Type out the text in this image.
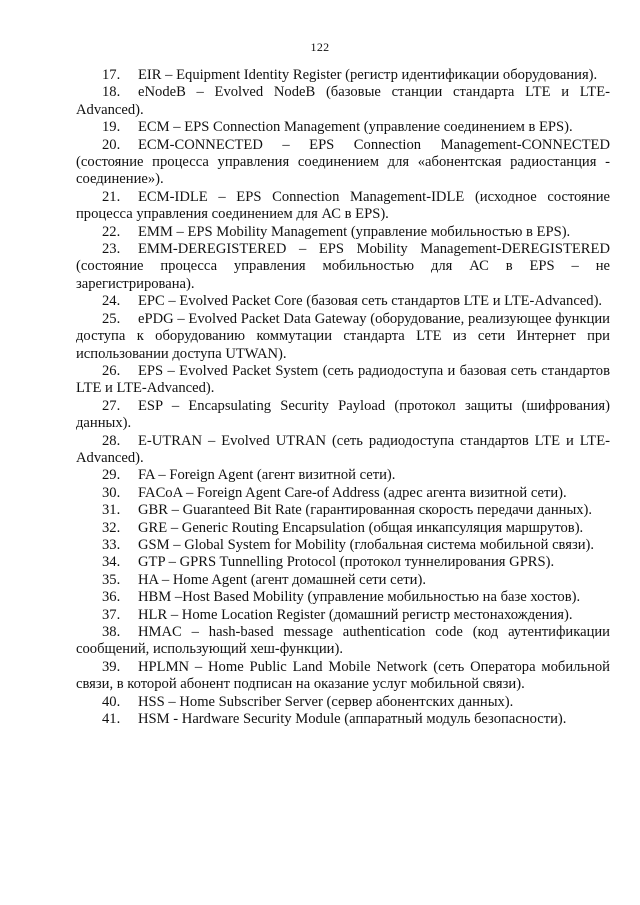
122

17. EIR – Equipment Identity Register (регистр идентификации оборудования).

18. eNodeB – Evolved NodeB (базовые станции стандарта LTE и LTE-Advanced).

19. ECM – EPS Connection Management (управление соединением в EPS).

20. ECM-CONNECTED – EPS Connection Management-CONNECTED (состояние процесса управления соединением для «абонентская радиостанция - соединение»).

21. ECM-IDLE – EPS Connection Management-IDLE (исходное состояние процесса управления соединением для АС в EPS).

22. EMM – EPS Mobility Management (управление мобильностью в EPS).

23. EMM-DEREGISTERED – EPS Mobility Management-DEREGISTERED (состояние процесса управления мобильностью для АС в EPS – не зарегистрирована).

24. EPC – Evolved Packet Core (базовая сеть стандартов LTE и LTE-Advanced).

25. ePDG – Evolved Packet Data Gateway (оборудование, реализующее функции доступа к оборудованию коммутации стандарта LTE из сети Интернет при использовании доступа UTWAN).

26. EPS – Evolved Packet System (сеть радиодоступа и базовая сеть стандартов LTE и LTE-Advanced).

27. ESP – Encapsulating Security Payload (протокол защиты (шифрования) данных).

28. E-UTRAN – Evolved UTRAN (сеть радиодоступа стандартов LTE и LTE-Advanced).

29. FA – Foreign Agent (агент визитной сети).

30. FACoA – Foreign Agent Care-of Address (адрес агента визитной сети).

31. GBR – Guaranteed Bit Rate (гарантированная скорость передачи данных).

32. GRE – Generic Routing Encapsulation (общая инкапсуляция маршрутов).

33. GSM – Global System for Mobility (глобальная система мобильной связи).

34. GTP – GPRS Tunnelling Protocol (протокол туннелирования GPRS).

35. HA – Home Agent (агент домашней сети сети).

36. HBM –Host Based Mobility (управление мобильностью на базе хостов).

37. HLR – Home Location Register (домашний регистр местонахождения).

38. HMAC – hash-based message authentication code (код аутентификации сообщений, использующий хеш-функции).

39. HPLMN – Home Public Land Mobile Network (сеть Оператора мобильной связи, в которой абонент подписан на оказание услуг мобильной связи).

40. HSS – Home Subscriber Server (сервер абонентских данных).

41. HSM - Hardware Security Module (аппаратный модуль безопасности).
